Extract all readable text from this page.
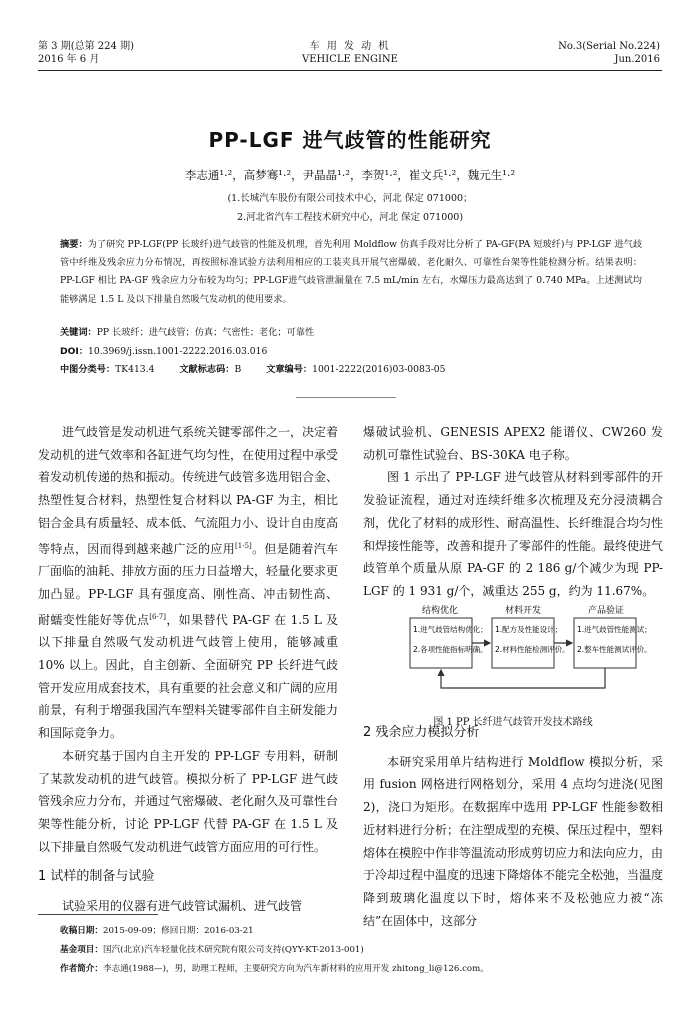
第 3 期(总第 224 期)
2016 年 6 月
车 用 发 动 机
VEHICLE ENGINE
No.3(Serial No.224)
Jun.2016
PP-LGF 进气歧管的性能研究
李志通¹·²，高梦骞¹·²，尹晶晶¹·²，李贺¹·²，崔文兵¹·²，魏元生¹·²
(1.长城汽车股份有限公司技术中心，河北 保定 071000；
2.河北省汽车工程技术研究中心，河北 保定 071000)
摘要：为了研究 PP-LGF(PP 长玻纤)进气歧管的性能及机理，首先利用 Moldflow 仿真手段对比分析了 PA-GF(PA 短玻纤)与 PP-LGF 进气歧管中纤维及残余应力分布情况，再按照标准试验方法利用相应的工装夹具开展气密爆破、老化耐久、可靠性台架等性能检测分析。结果表明：PP-LGF 相比 PA-GF 残余应力分布较为均匀；PP-LGF进气歧管泄漏量在 7.5 mL/min 左右，水爆压力最高达到了 0.740 MPa。上述测试均能够满足 1.5 L 及以下排量自然吸气发动机的使用要求。
关键词：PP 长玻纤；进气歧管；仿真；气密性；老化；可靠性
DOI：10.3969/j.issn.1001-2222.2016.03.016
中图分类号：TK413.4	文献标志码：B	文章编号：1001-2222(2016)03-0083-05

进气歧管是发动机进气系统关键零部件之一，决定着发动机的进气效率和各缸进气均匀性，在使用过程中承受着发动机传递的热和振动。传统进气歧管多选用铝合金、热塑性复合材料，热塑性复合材料以 PA-GF 为主，相比铝合金具有质量轻、成本低、气流阻力小、设计自由度高等特点，因而得到越来越广泛的应用[1-5]。但是随着汽车厂面临的油耗、排放方面的压力日益增大，轻量化要求更加凸显。PP-LGF 具有强度高、刚性高、冲击韧性高、耐蠕变性能好等优点[6-7]，如果替代 PA-GF 在 1.5 L 及以下排量自然吸气发动机进气歧管上使用，能够减重 10% 以上。因此，自主创新、全面研究 PP 长纤进气歧管开发应用成套技术，具有重要的社会意义和广阔的应用前景，有利于增强我国汽车塑料关键零部件自主研发能力和国际竞争力。

本研究基于国内自主开发的 PP-LGF 专用料，研制了某款发动机的进气歧管。模拟分析了 PP-LGF 进气歧管残余应力分布，并通过气密爆破、老化耐久及可靠性台架等性能分析，讨论 PP-LGF 代替 PA-GF 在 1.5 L 及以下排量自然吸气发动机进气歧管方面应用的可行性。

1 试样的制备与试验

试验采用的仪器有进气歧管试漏机、进气歧管

爆破试验机、GENESIS APEX2 能谱仪、CW260 发动机可靠性试验台、BS-30KA 电子称。

图 1 示出了 PP-LGF 进气歧管从材料到零部件的开发验证流程，通过对连续纤维多次梳理及充分浸渍耦合剂，优化了材料的成形性、耐高温性、长纤维混合均匀性和焊接性能等，改善和提升了零部件的性能。最终使进气歧管单个质量从原 PA-GF 的 2 186 g/个减少为现 PP-LGF 的 1 931 g/个，减重达 255 g，约为 11.67%。

结构优化	材料开发	产品验证
1.进气歧管结构优化；
2.各项性能指标明确。
1.配方及性能设计；
2.材料性能检测评价。
1.进气歧管性能测试；
2.整车性能测试评价。
图 1 PP 长纤进气歧管开发技术路线
2 残余应力模拟分析

本研究采用单片结构进行 Moldflow 模拟分析，采用 fusion 网格进行网格划分，采用 4 点均匀进浇(见图 2)，浇口为矩形。在数据库中选用 PP-LGF 性能参数相近材料进行分析；在注塑成型的充模、保压过程中，塑料熔体在模腔中作非等温流动形成剪切应力和法向应力，由于冷却过程中温度的迅速下降熔体不能完全松弛，当温度降到玻璃化温度以下时，熔体来不及松弛应力被“冻结”在固体中，这部分

收稿日期：2015-09-09；修回日期：2016-03-21
基金项目：国汽(北京)汽车轻量化技术研究院有限公司支持(QYY-KT-2013-001)
作者简介：李志通(1988—)，男，助理工程师，主要研究方向为汽车新材料的应用开发 zhitong_li@126.com。
